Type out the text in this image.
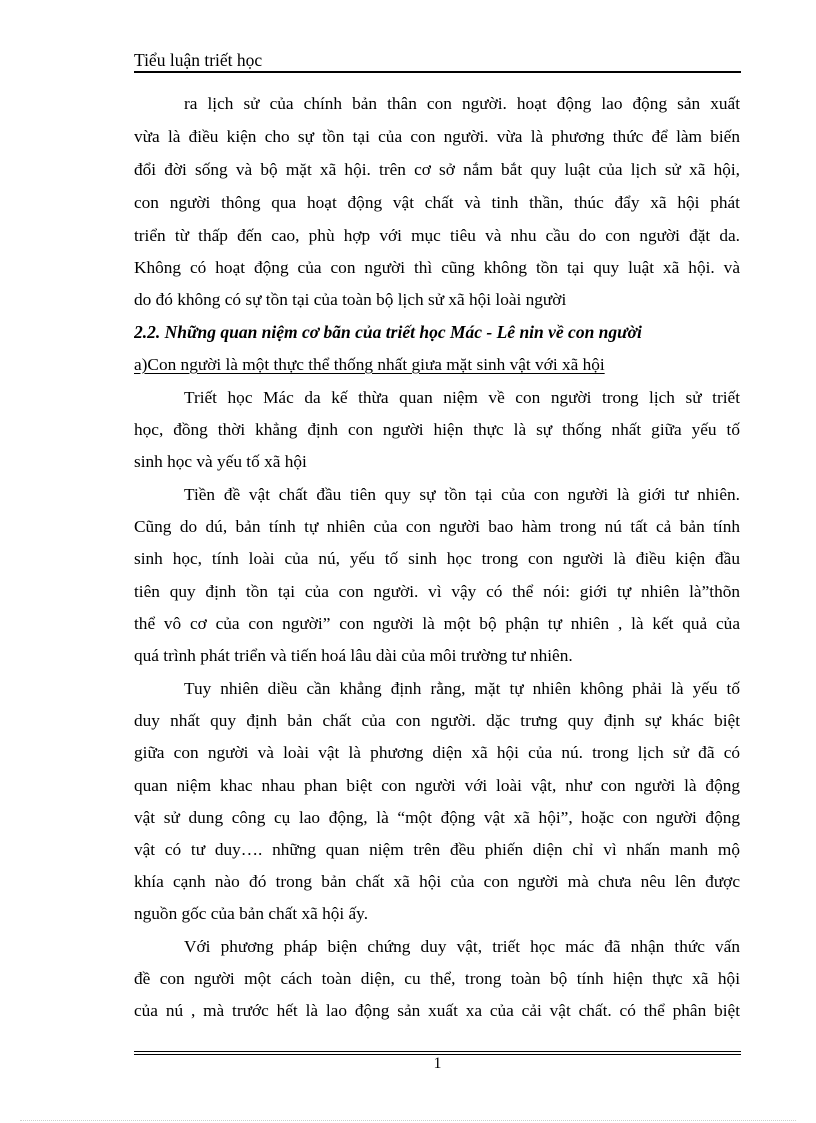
Tiểu luận triết học
ra lịch sử của chính bản thân con người. hoạt động lao động sản xuất
vừa là điều kiện cho sự tồn tại của con người. vừa là phương thức để làm biến
đổi đời sống và bộ mặt xã hội. trên cơ sở nắm bắt quy luật của lịch sử xã hội,
con người thông qua hoạt động vật chất và tinh thần, thúc đẩy xã hội phát
triển từ thấp đến cao, phù hợp với mục tiêu và nhu cầu do con người đặt da.
Không có hoạt động của con người thì cũng không tồn tại quy luật xã hội. và
do đó không có sự tồn tại của toàn bộ lịch sử xã hội loài người
2.2. Những quan niệm cơ bãn của triết học Mác - Lê nin về con người
a)Con người là một thực thể thống nhất giưa mặt sinh vật với xã hội
Triết học Mác da kế thừa quan niệm về con người trong lịch sử triết
học, đồng thời khẳng định con người hiện thực là sự thống nhất giữa yếu tố
sinh học và yếu tố xã hội
Tiền đề vật chất đầu tiên quy sự tồn tại của con người là giới tư nhiên.
Cũng do dú, bản tính tự nhiên của con người bao hàm trong nú tất cả bản tính
sinh học, tính loài của nú, yếu tố sinh học trong con người là điều kiện đầu
tiên quy định tồn tại của con người. vì vậy có thể nói: giới tự nhiên là”thõn
thể vô cơ của con người” con người là một bộ phận tự nhiên , là kết quả của
quá trình phát triển và tiến hoá lâu dài của môi trường tư nhiên.
Tuy nhiên diều cần khẳng định rằng, mặt tự nhiên không phải là yếu tố
duy nhất quy định bản chất của con người. dặc trưng quy định sự khác biệt
giữa con người và loài vật là phương diện xã hội của nú. trong lịch sử đã có
quan niệm khac nhau phan biệt con người với loài vật, như con người là động
vật sử dung công cụ lao động, là “một động vật xã hội”, hoặc con người động
vật có tư duy…. những quan niệm trên đều phiến diện chỉ vì nhấn manh mộ
khía cạnh nào đó trong bản chất xã hội của con người mà chưa nêu lên được
nguồn gốc của bản chất xã hội ấy.
Với phương pháp biện chứng duy vật, triết học mác đã nhận thức vấn
đề con người một cách toàn diện, cu thể, trong toàn bộ tính hiện thực xã hội
của nú , mà trước hết là lao động sản xuất xa của cải vật chất. có thể phân biệt
1
